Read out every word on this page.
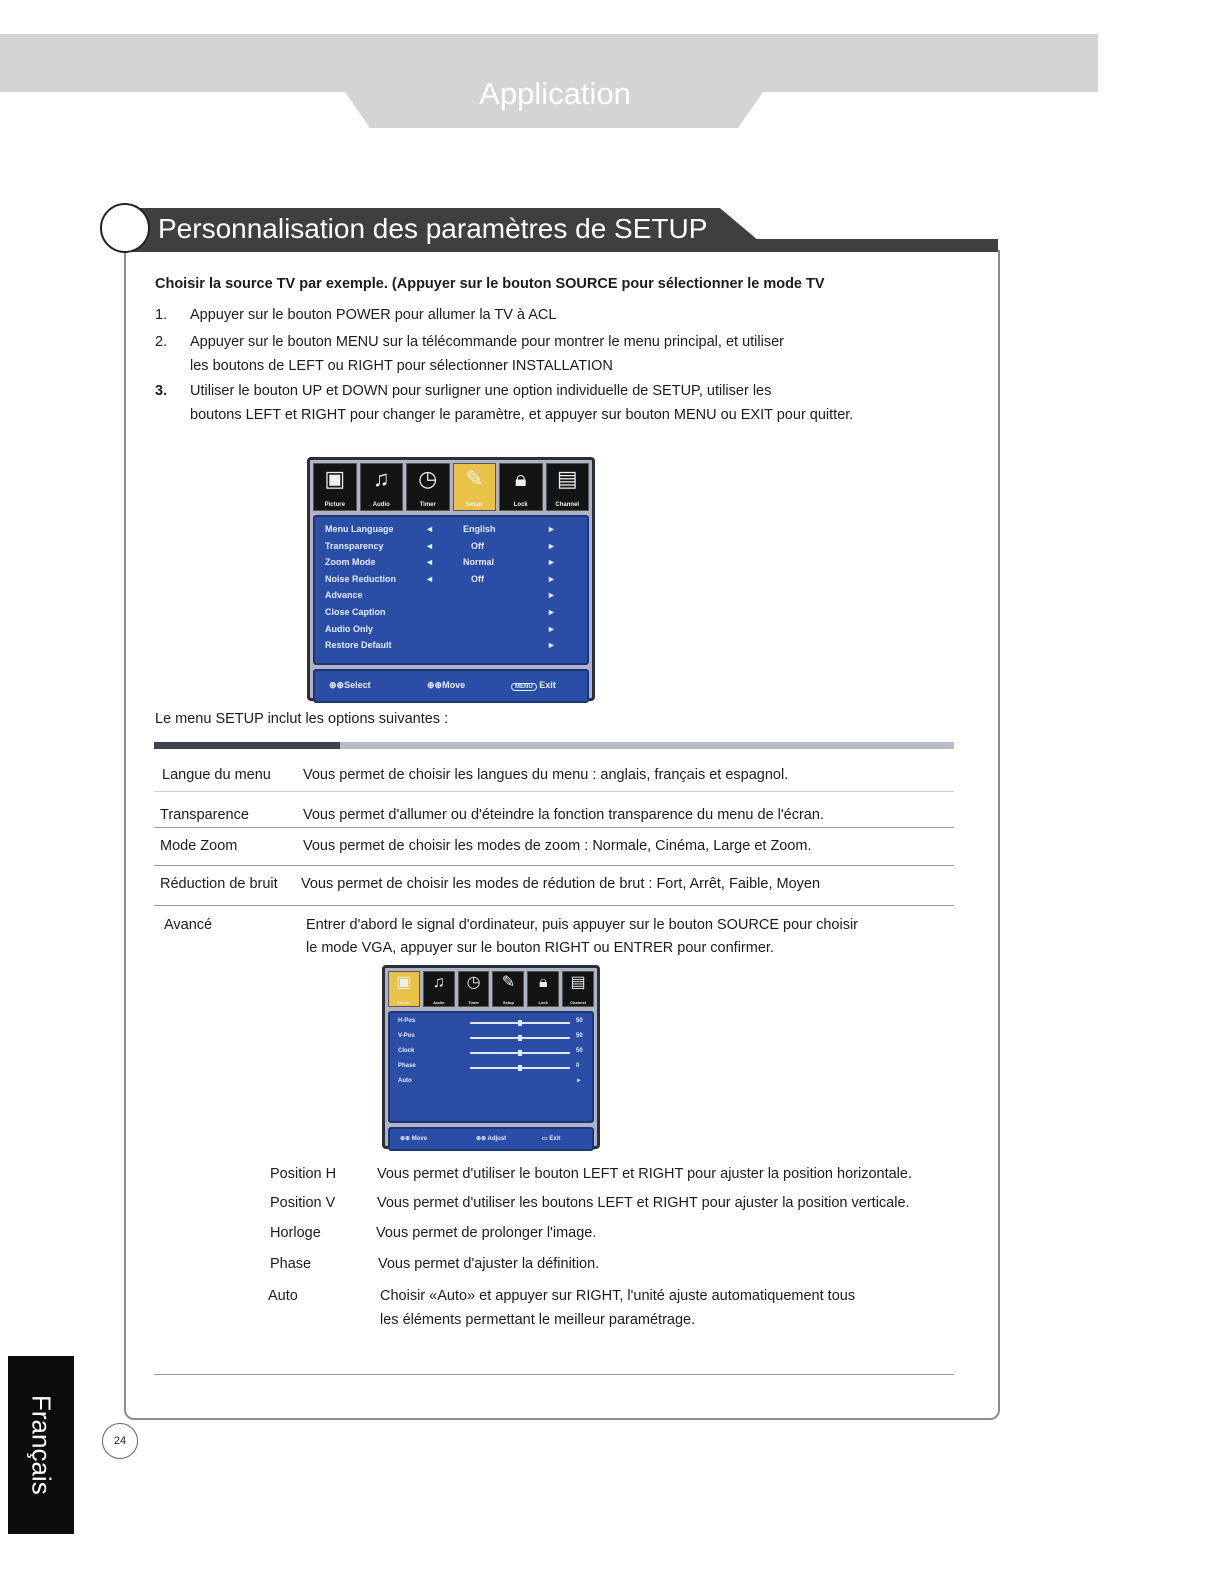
Application
Personnalisation des paramètres de SETUP
Choisir la source TV par exemple. (Appuyer sur le bouton SOURCE pour sélectionner le mode TV
1. Appuyer sur le bouton POWER pour allumer la TV à ACL
2. Appuyer sur le bouton MENU sur la télécommande pour montrer le menu principal, et utiliser
les boutons de LEFT ou RIGHT pour sélectionner INSTALLATION
3. Utiliser le bouton UP et DOWN pour surligner une option individuelle de SETUP, utiliser les
boutons LEFT et RIGHT pour changer le paramètre, et appuyer sur bouton MENU ou EXIT pour quitter.
▣
Picture
♫
Audio
◷
Timer
✎
Setup
🔒︎
Lock
▤
Channel
Menu Language	◄	English	►
Transparency	◄	Off	►
Zoom Mode	◄	Normal	►
Noise Reduction	◄	Off	►
Advance	►
Close Caption	►
Audio Only	►
Restore Default	►
⊕⊕Select	⊕⊕Move	MENU Exit
Le menu SETUP inclut les options suivantes :
Langue du menu Vous permet de choisir les langues du menu : anglais, français et espagnol.
Transparence	Vous permet d'allumer ou d'éteindre la fonction transparence du menu de l'écran.
Mode Zoom	Vous permet de choisir les modes de zoom : Normale, Cinéma, Large et Zoom.
Réduction de bruit Vous permet de choisir les modes de rédution de brut : Fort, Arrêt, Faible, Moyen
Avancé	Entrer d'abord le signal d'ordinateur, puis appuyer sur le bouton SOURCE pour choisir
le mode VGA, appuyer sur le bouton RIGHT ou ENTRER pour confirmer.
▣
Picture
♫
Audio
◷
Timer
✎
Setup
🔒︎
Lock
▤
Channel
H-Pos	50
V-Pos	50
Clock	50
Phase	0
Auto	►
⊕⊕ Move	⊕⊕ Adjust	▭ Exit
Position H	Vous permet d'utiliser le bouton LEFT et RIGHT pour ajuster la position horizontale.
Position V	Vous permet d'utiliser les boutons LEFT et RIGHT pour ajuster la position verticale.
Horloge	Vous permet de prolonger l'image.
Phase	Vous permet d'ajuster la définition.
Auto	Choisir «Auto» et appuyer sur RIGHT, l'unité ajuste automatiquement tous
les éléments permettant le meilleur paramétrage.
Français	24
